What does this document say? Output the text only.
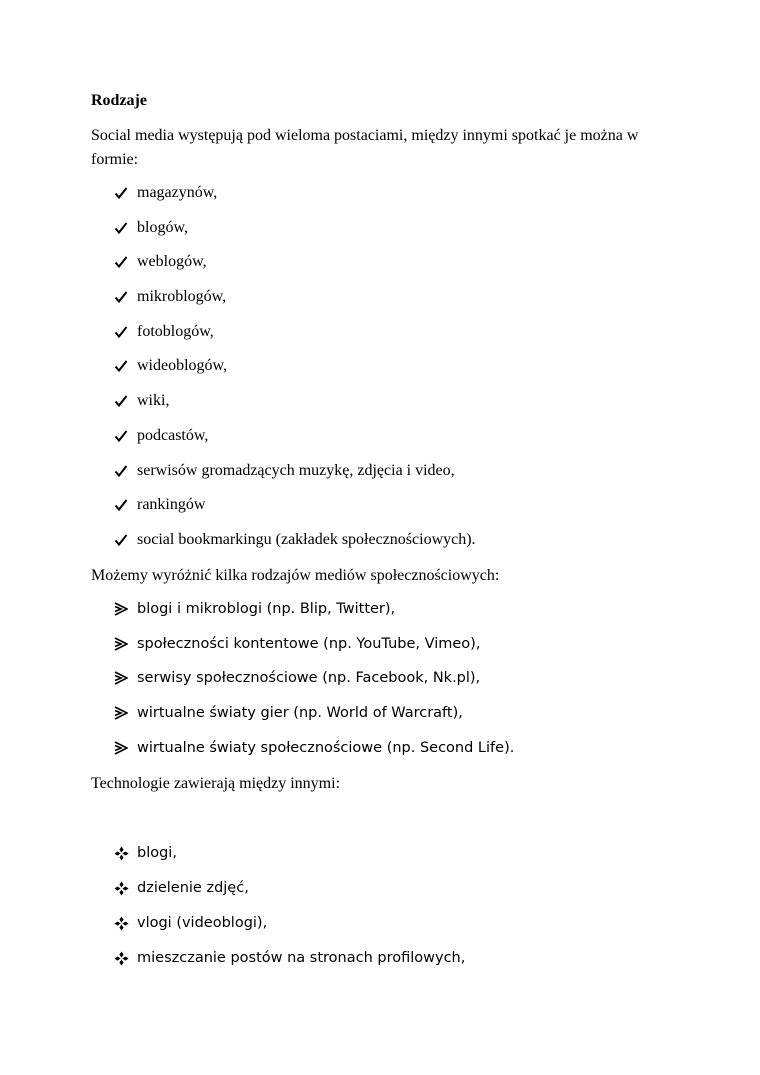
Rodzaje
Social media występują pod wieloma postaciami, między innymi spotkać je można w formie:
magazynów,
blogów,
weblogów,
mikroblogów,
fotoblogów,
wideoblogów,
wiki,
podcastów,
serwisów gromadzących muzykę, zdjęcia i video,
rankingów
social bookmarkingu (zakładek społecznościowych).
Możemy wyróżnić kilka rodzajów mediów społecznościowych:
blogi i mikroblogi (np. Blip, Twitter),
społeczności kontentowe (np. YouTube, Vimeo),
serwisy społecznościowe (np. Facebook, Nk.pl),
wirtualne światy gier (np. World of Warcraft),
wirtualne światy społecznościowe (np. Second Life).
Technologie zawierają między innymi:
blogi,
dzielenie zdjęć,
vlogi (videoblogi),
mieszczanie postów na stronach profilowych,
